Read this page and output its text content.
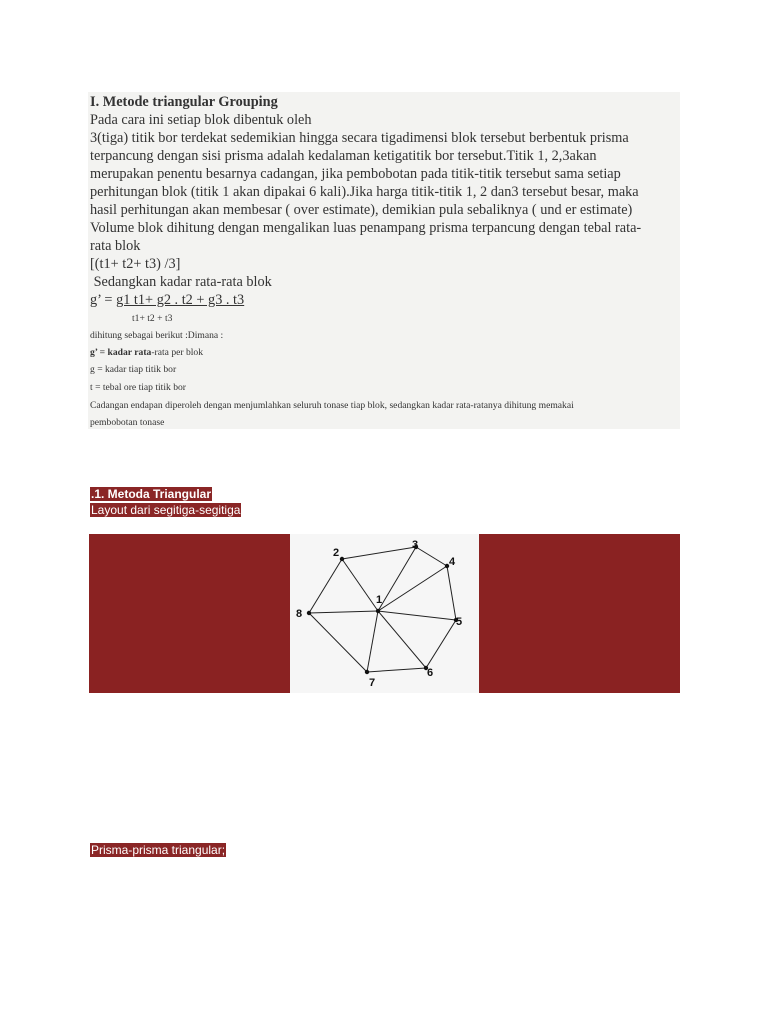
I. Metode triangular Grouping
Pada cara ini setiap blok dibentuk oleh
3(tiga) titik bor terdekat sedemikian hingga secara tigadimensi blok tersebut berbentuk prisma
terpancung dengan sisi prisma adalah kedalaman ketigatitik bor tersebut.Titik 1, 2,3akan
merupakan penentu besarnya cadangan, jika pembobotan pada titik-titik tersebut sama setiap
perhitungan blok (titik 1 akan dipakai 6 kali).Jika harga titik-titik 1, 2 dan3 tersebut besar, maka
hasil perhitungan akan membesar ( over estimate), demikian pula sebaliknya ( und er estimate)
Volume blok dihitung dengan mengalikan luas penampang prisma terpancung dengan tebal rata-
rata blok
[(t1+ t2+ t3) /3]
Sedangkan kadar rata-rata blok
g’ = g1 t1+ g2 . t2 + g3 . t3
t1+ t2 + t3
dihitung sebagai berikut :Dimana :
g’ = kadar rata-rata per blok
g = kadar tiap titik bor
t = tebal ore tiap titik bor
Cadangan endapan diperoleh dengan menjumlahkan seluruh tonase tiap blok, sedangkan kadar rata-ratanya dihitung memakai
pembobotan tonase
.1. Metoda Triangular
Layout dari segitiga-segitiga
1
2
3
4
5
6
7
8
Prisma-prisma triangular;
